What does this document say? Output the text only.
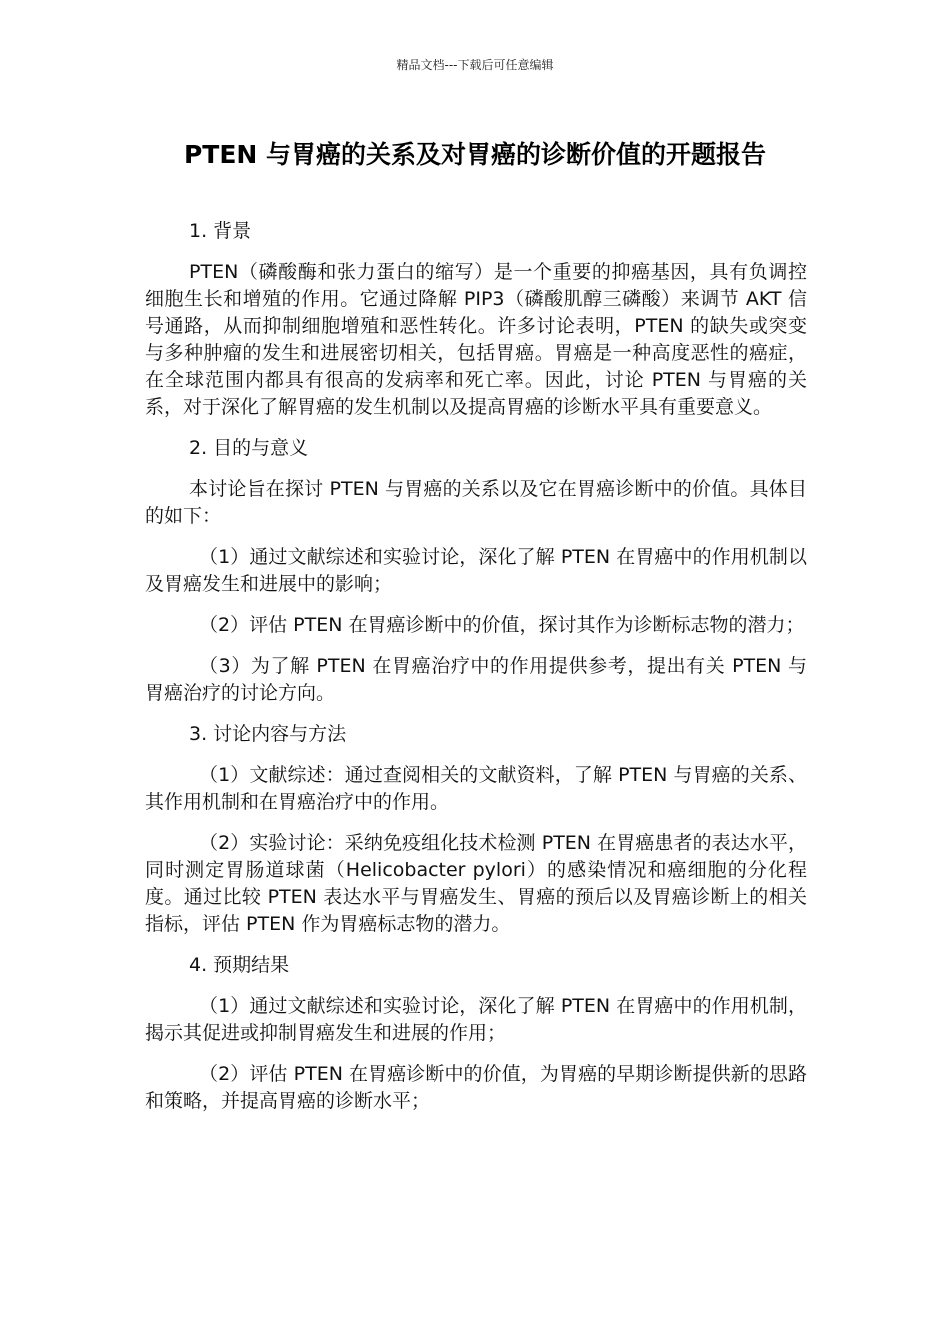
精品文档---下载后可任意编辑
PTEN 与胃癌的关系及对胃癌的诊断价值的开题报告
1. 背景

PTEN（磷酸酶和张力蛋白的缩写）是一个重要的抑癌基因，具有负调控细胞生长和增殖的作用。它通过降解 PIP3（磷酸肌醇三磷酸）来调节 AKT 信号通路，从而抑制细胞增殖和恶性转化。许多讨论表明，PTEN 的缺失或突变与多种肿瘤的发生和进展密切相关，包括胃癌。胃癌是一种高度恶性的癌症，在全球范围内都具有很高的发病率和死亡率。因此，讨论 PTEN 与胃癌的关系，对于深化了解胃癌的发生机制以及提高胃癌的诊断水平具有重要意义。

2. 目的与意义

本讨论旨在探讨 PTEN 与胃癌的关系以及它在胃癌诊断中的价值。具体目的如下：

（1）通过文献综述和实验讨论，深化了解 PTEN 在胃癌中的作用机制以及胃癌发生和进展中的影响；

（2）评估 PTEN 在胃癌诊断中的价值，探讨其作为诊断标志物的潜力；

（3）为了解 PTEN 在胃癌治疗中的作用提供参考，提出有关 PTEN 与胃癌治疗的讨论方向。

3. 讨论内容与方法

（1）文献综述：通过查阅相关的文献资料，了解 PTEN 与胃癌的关系、其作用机制和在胃癌治疗中的作用。

（2）实验讨论：采纳免疫组化技术检测 PTEN 在胃癌患者的表达水平，同时测定胃肠道球菌（Helicobacter pylori）的感染情况和癌细胞的分化程度。通过比较 PTEN 表达水平与胃癌发生、胃癌的预后以及胃癌诊断上的相关指标，评估 PTEN 作为胃癌标志物的潜力。

4. 预期结果

（1）通过文献综述和实验讨论，深化了解 PTEN 在胃癌中的作用机制，揭示其促进或抑制胃癌发生和进展的作用；

（2）评估 PTEN 在胃癌诊断中的价值，为胃癌的早期诊断提供新的思路和策略，并提高胃癌的诊断水平；
